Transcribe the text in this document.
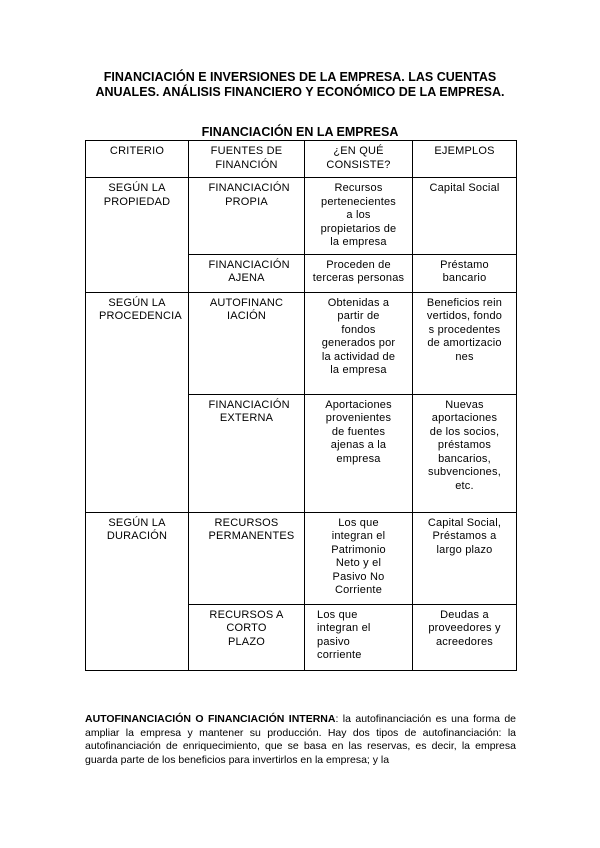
FINANCIACIÓN E INVERSIONES DE LA EMPRESA. LAS CUENTAS ANUALES. ANÁLISIS FINANCIERO Y ECONÓMICO DE LA EMPRESA.
FINANCIACIÓN EN LA EMPRESA
CRITERIO	FUENTES DE FINANCIÓN	¿EN QUÉ CONSISTE?	EJEMPLOS
SEGÚN LA PROPIEDAD	FINANCIACIÓN PROPIA	Recursos pertenecientes a los propietarios de la empresa	Capital Social
	FINANCIACIÓN AJENA	Proceden de terceras personas	Préstamo bancario
SEGÚN LA PROCEDENCIA	AUTOFINANCIACIÓN	Obtenidas a partir de fondos generados por la actividad de la empresa	Beneficios reinvertidos, fondos procedentes de amortizaciones
	FINANCIACIÓN EXTERNA	Aportaciones provenientes de fuentes ajenas a la empresa	Nuevas aportaciones de los socios, préstamos bancarios, subvenciones, etc.
SEGÚN LA DURACIÓN	RECURSOS PERMANENTES	Los que integran el Patrimonio Neto y el Pasivo No Corriente	Capital Social, Préstamos a largo plazo
	RECURSOS A CORTO PLAZO	Los que integran el pasivo corriente	Deudas a proveedores y acreedores
AUTOFINANCIACIÓN O FINANCIACIÓN INTERNA: la autofinanciación es una forma de ampliar la empresa y mantener su producción. Hay dos tipos de autofinanciación: la autofinanciación de enriquecimiento, que se basa en las reservas, es decir, la empresa guarda parte de los beneficios para invertirlos en la empresa; y la
